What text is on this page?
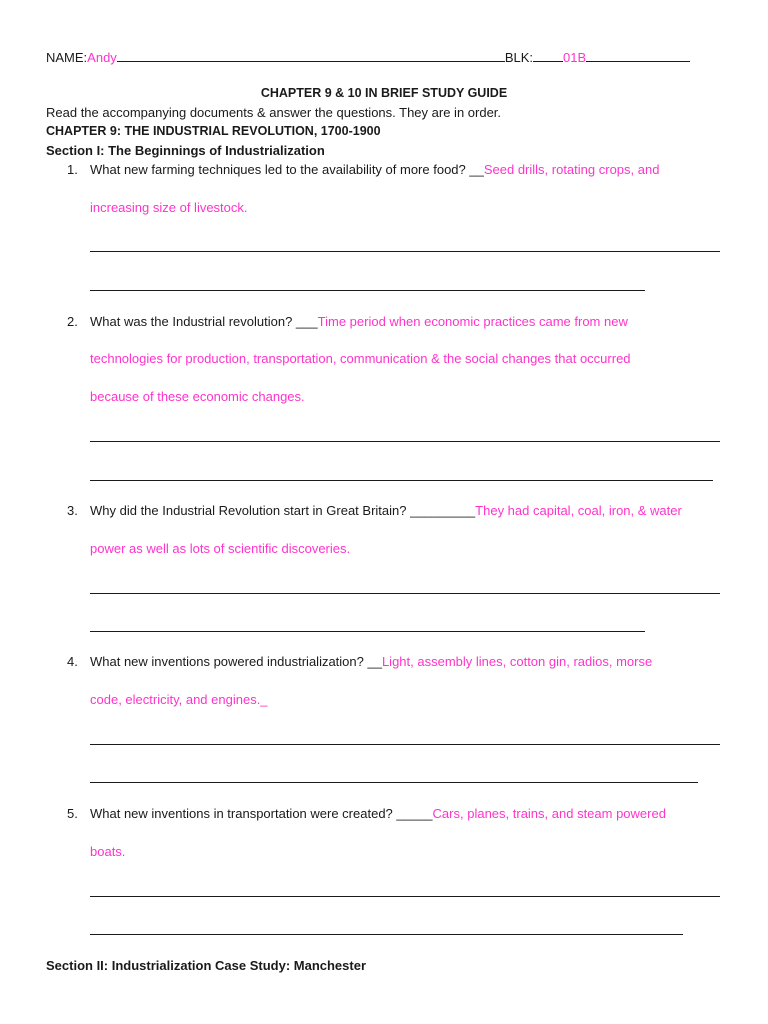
NAME:Andy	BLK: 01B
CHAPTER 9 & 10 IN BRIEF STUDY GUIDE
Read the accompanying documents & answer the questions. They are in order.
CHAPTER 9: THE INDUSTRIAL REVOLUTION, 1700-1900
Section I: The Beginnings of Industrialization
1. What new farming techniques led to the availability of more food? __Seed drills, rotating crops, and
increasing size of livestock.
2. What was the Industrial revolution? ___Time period when economic practices came from new
technologies for production, transportation, communication & the social changes that occurred
because of these economic changes.
3. Why did the Industrial Revolution start in Great Britain? _________They had capital, coal, iron, & water
power as well as lots of scientific discoveries.
4. What new inventions powered industrialization? __Light, assembly lines, cotton gin, radios, morse
code, electricity, and engines._
5. What new inventions in transportation were created? _____Cars, planes, trains, and steam powered
boats.
Section II: Industrialization Case Study: Manchester
